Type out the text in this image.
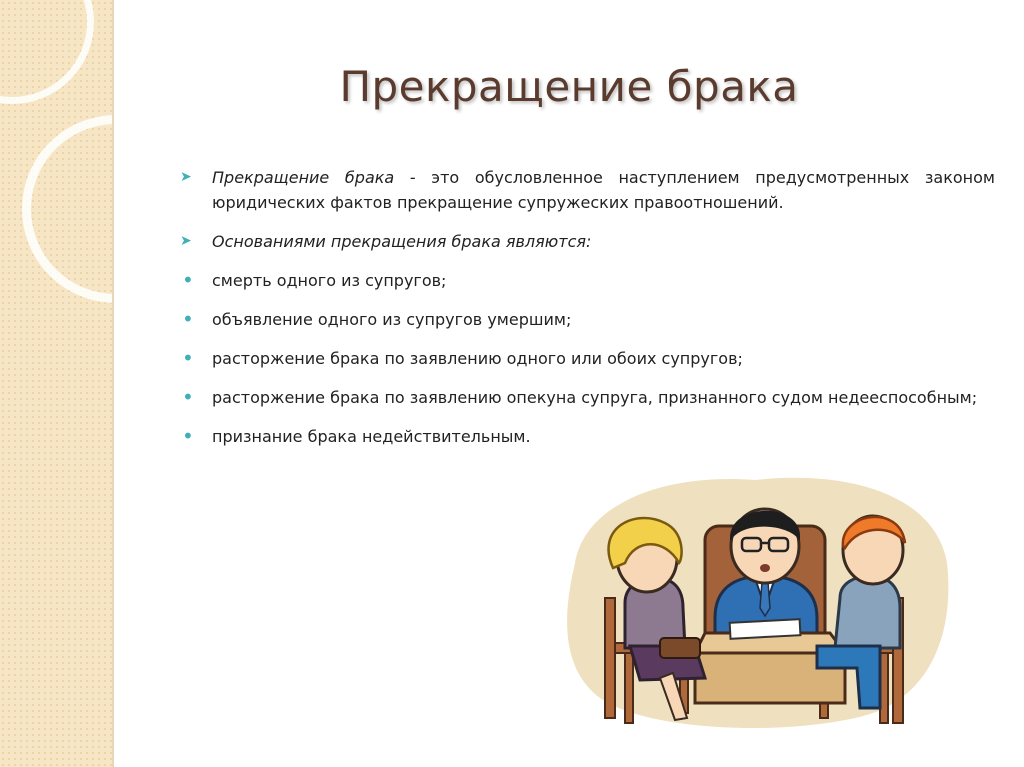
Прекращение брака
➤	Прекращение брака - это обусловленное наступлением предусмотренных законом юридических фактов прекращение супружеских правоотношений.
➤	Основаниями прекращения брака являются:
•	смерть одного из супругов;
•	объявление одного из супругов умершим;
•	расторжение брака по заявлению одного или обоих супругов;
•	расторжение брака по заявлению опекуна супруга, признанного судом недееспособным;
•	признание брака недействительным.
